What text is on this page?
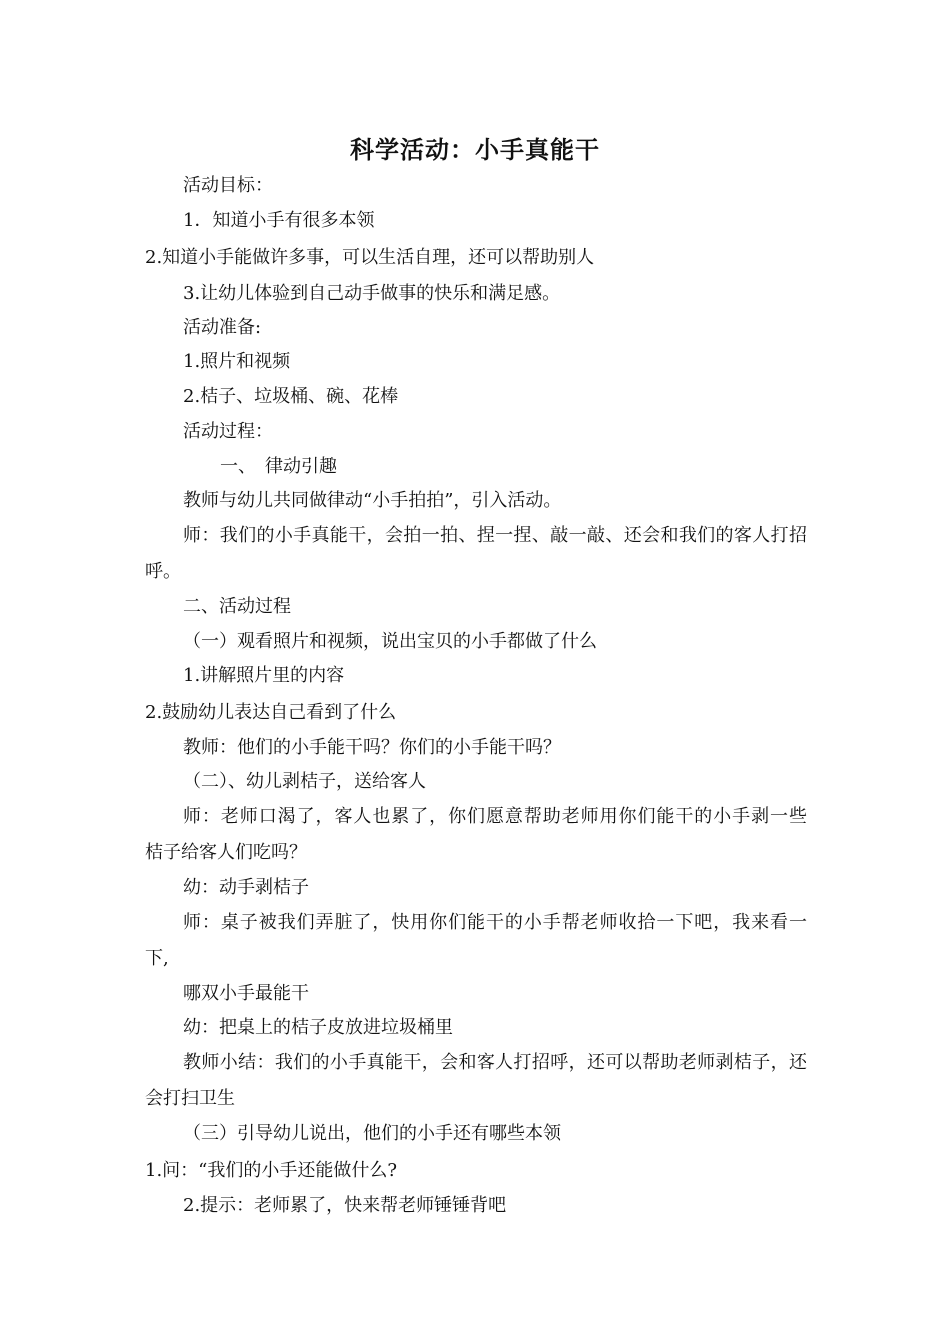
科学活动：小手真能干
活动目标：
1．知道小手有很多本领
2.知道小手能做许多事，可以生活自理，还可以帮助别人
3.让幼儿体验到自己动手做事的快乐和满足感。
活动准备:
1.照片和视频
2.桔子、垃圾桶、碗、花棒
活动过程：
一、　律动引趣
教师与幼儿共同做律动“小手拍拍”，引入活动。
师：我们的小手真能干，会拍一拍、捏一捏、敲一敲、还会和我们的客人打招
呼。
二、活动过程
（一）观看照片和视频，说出宝贝的小手都做了什么
1.讲解照片里的内容
2.鼓励幼儿表达自己看到了什么
教师：他们的小手能干吗？你们的小手能干吗？
（二）、幼儿剥桔子，送给客人
师：老师口渴了，客人也累了，你们愿意帮助老师用你们能干的小手剥一些
桔子给客人们吃吗？
幼：动手剥桔子
师：桌子被我们弄脏了，快用你们能干的小手帮老师收拾一下吧，我来看一
下,
哪双小手最能干
幼：把桌上的桔子皮放进垃圾桶里
教师小结：我们的小手真能干，会和客人打招呼，还可以帮助老师剥桔子，还
会打扫卫生
（三）引导幼儿说出，他们的小手还有哪些本领
1.问：“我们的小手还能做什么?
2.提示：老师累了，快来帮老师锤锤背吧
